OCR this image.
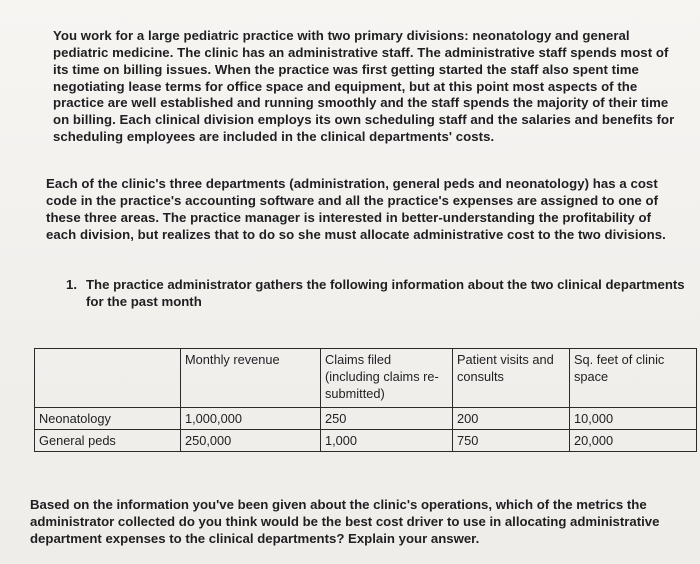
You work for a large pediatric practice with two primary divisions: neonatology and general pediatric medicine. The clinic has an administrative staff. The administrative staff spends most of its time on billing issues. When the practice was first getting started the staff also spent time negotiating lease terms for office space and equipment, but at this point most aspects of the practice are well established and running smoothly and the staff spends the majority of their time on billing. Each clinical division employs its own scheduling staff and the salaries and benefits for scheduling employees are included in the clinical departments' costs.

Each of the clinic's three departments (administration, general peds and neonatology) has a cost code in the practice's accounting software and all the practice's expenses are assigned to one of these three areas. The practice manager is interested in better-understanding the profitability of each division, but realizes that to do so she must allocate administrative cost to the two divisions.

1. The practice administrator gathers the following information about the two clinical departments for the past month
	Monthly revenue	Claims filed (including claims re-submitted)	Patient visits and consults	Sq. feet of clinic space
Neonatology	1,000,000	250	200	10,000
General peds	250,000	1,000	750	20,000

Based on the information you've been given about the clinic's operations, which of the metrics the administrator collected do you think would be the best cost driver to use in allocating administrative department expenses to the clinical departments? Explain your answer.
